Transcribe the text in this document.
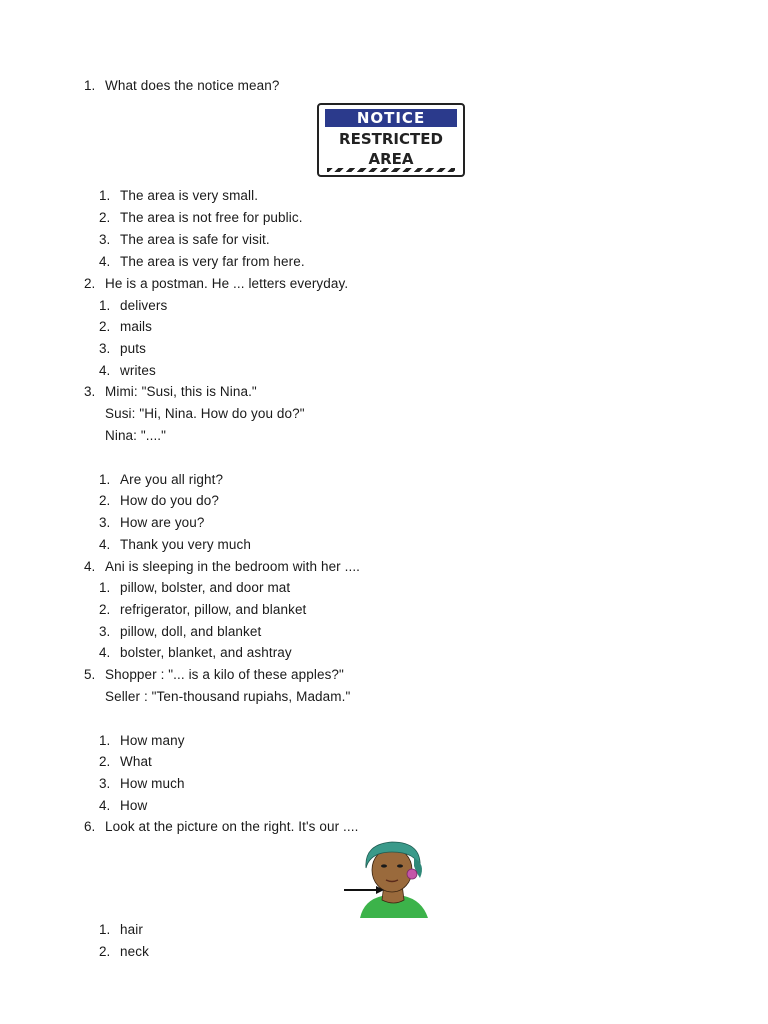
1. What does the notice mean?
NOTICE
RESTRICTED
AREA
1. The area is very small.
2. The area is not free for public.
3. The area is safe for visit.
4. The area is very far from here.
2. He is a postman. He ... letters everyday.
1. delivers
2. mails
3. puts
4. writes
3. Mimi: "Susi, this is Nina."
Susi: "Hi, Nina. How do you do?"
Nina: "...."
1. Are you all right?
2. How do you do?
3. How are you?
4. Thank you very much
4. Ani is sleeping in the bedroom with her ....
1. pillow, bolster, and door mat
2. refrigerator, pillow, and blanket
3. pillow, doll, and blanket
4. bolster, blanket, and ashtray
5. Shopper : "... is a kilo of these apples?"
Seller : "Ten-thousand rupiahs, Madam."
1. How many
2. What
3. How much
4. How
6. Look at the picture on the right. It's our ....
1. hair
2. neck
